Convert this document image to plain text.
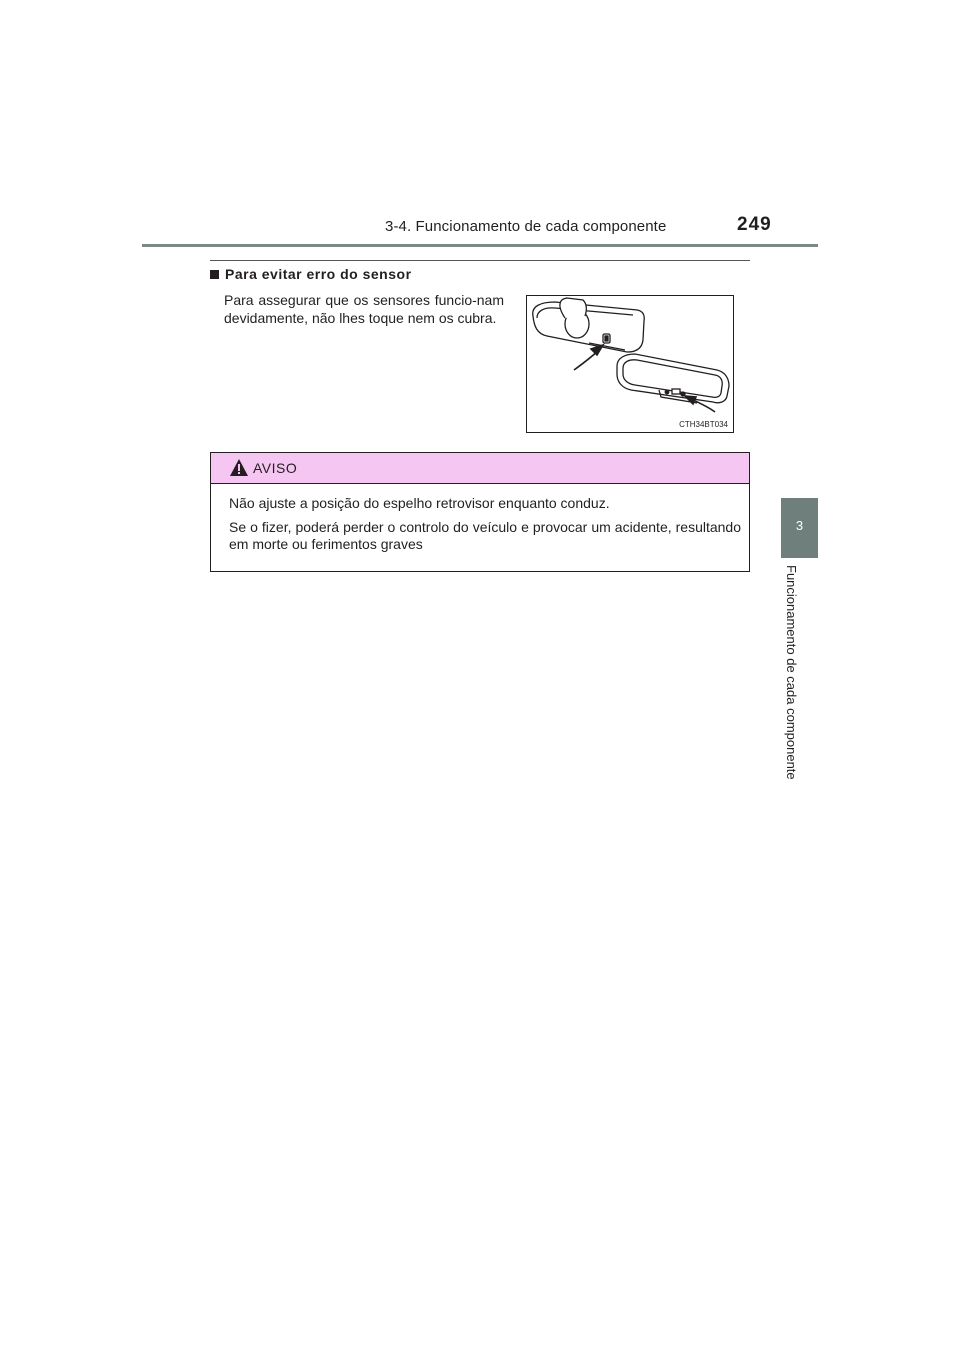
3-4. Funcionamento de cada componente	249
3
Funcionamento de cada componente
Para evitar erro do sensor

Para assegurar que os sensores funcio-nam devidamente, não lhes toque nem os cubra.

CTH34BT034
AVISO

Não ajuste a posição do espelho retrovisor enquanto conduz.

Se o fizer, poderá perder o controlo do veículo e provocar um acidente, resultando em morte ou ferimentos graves
